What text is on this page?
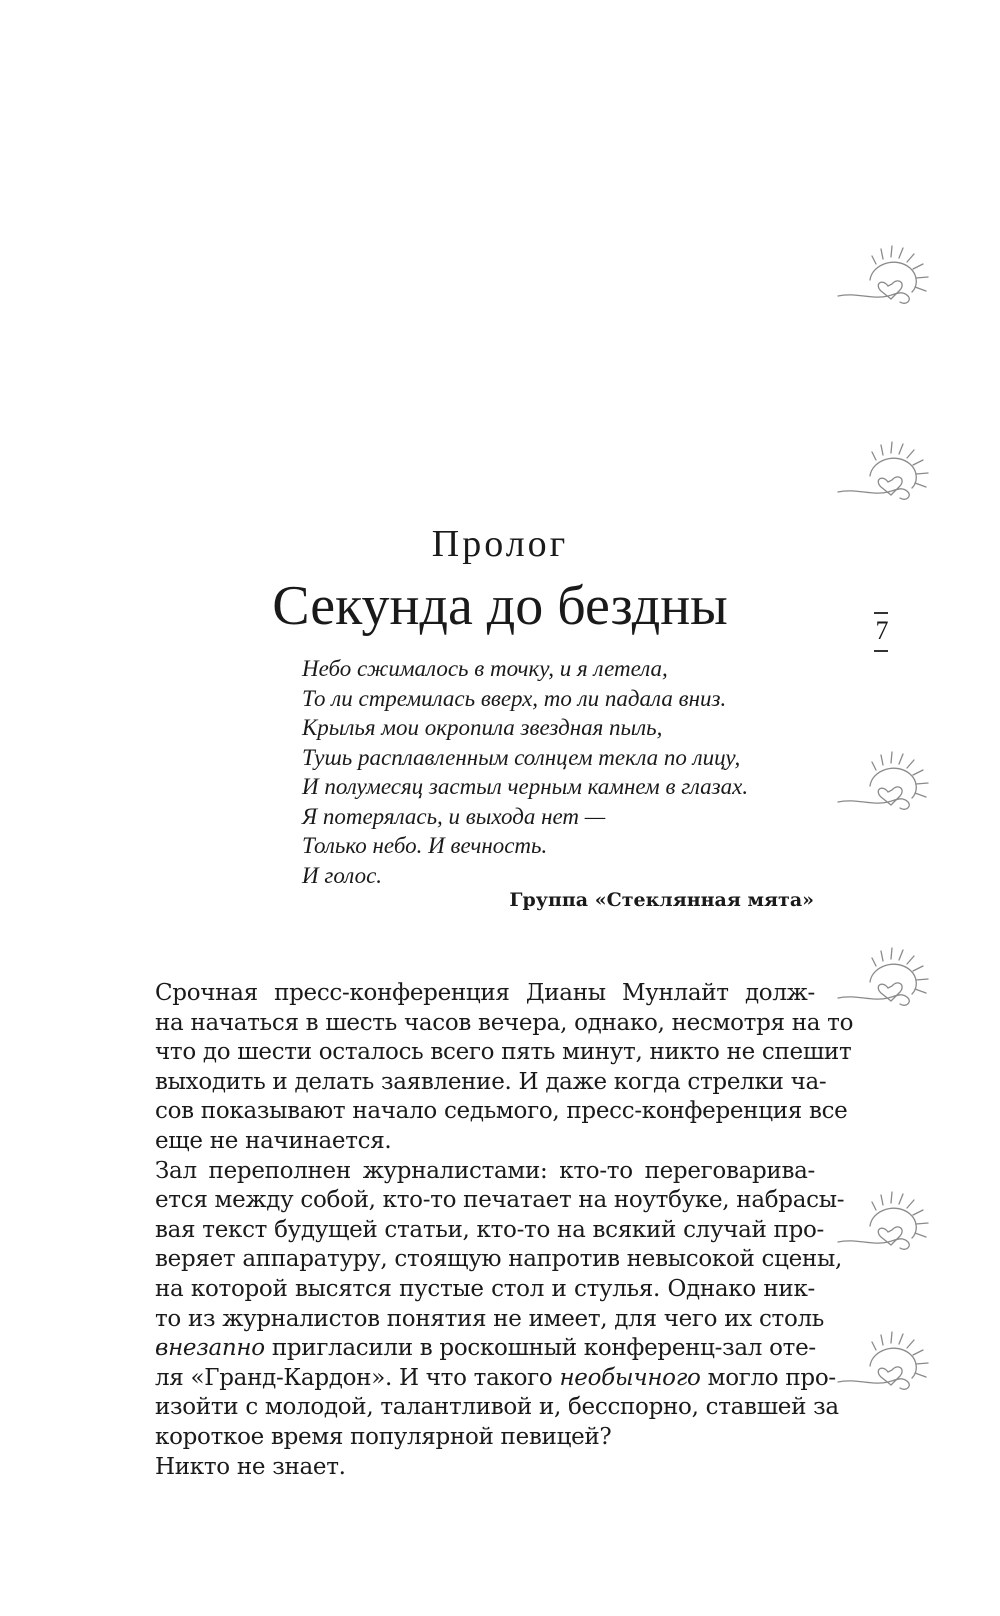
Пролог
Секунда до бездны
Небо сжималось в точку, и я летела,
То ли стремилась вверх, то ли падала вниз.
Крылья мои окропила звездная пыль,
Тушь расплавленным солнцем текла по лицу,
И полумесяц застыл черным камнем в глазах.
Я потерялась, и выхода нет —
Только небо. И вечность.
И голос.
Группа «Стеклянная мята»
Срочная пресс-конференция Дианы Мунлайт долж-
на начаться в шесть часов вечера, однако, несмотря на то
что до шести осталось всего пять минут, никто не спешит
выходить и делать заявление. И даже когда стрелки ча-
сов показывают начало седьмого, пресс-конференция все
еще не начинается.
Зал переполнен журналистами: кто-то переговарива-
ется между собой, кто-то печатает на ноутбуке, набрасы-
вая текст будущей статьи, кто-то на всякий случай про-
веряет аппаратуру, стоящую напротив невысокой сцены,
на которой высятся пустые стол и стулья. Однако ник-
то из журналистов понятия не имеет, для чего их столь
внезапно пригласили в роскошный конференц-зал оте-
ля «Гранд-Кардон». И что такого необычного могло про-
изойти с молодой, талантливой и, бесспорно, ставшей за
короткое время популярной певицей?
Никто не знает.
7
